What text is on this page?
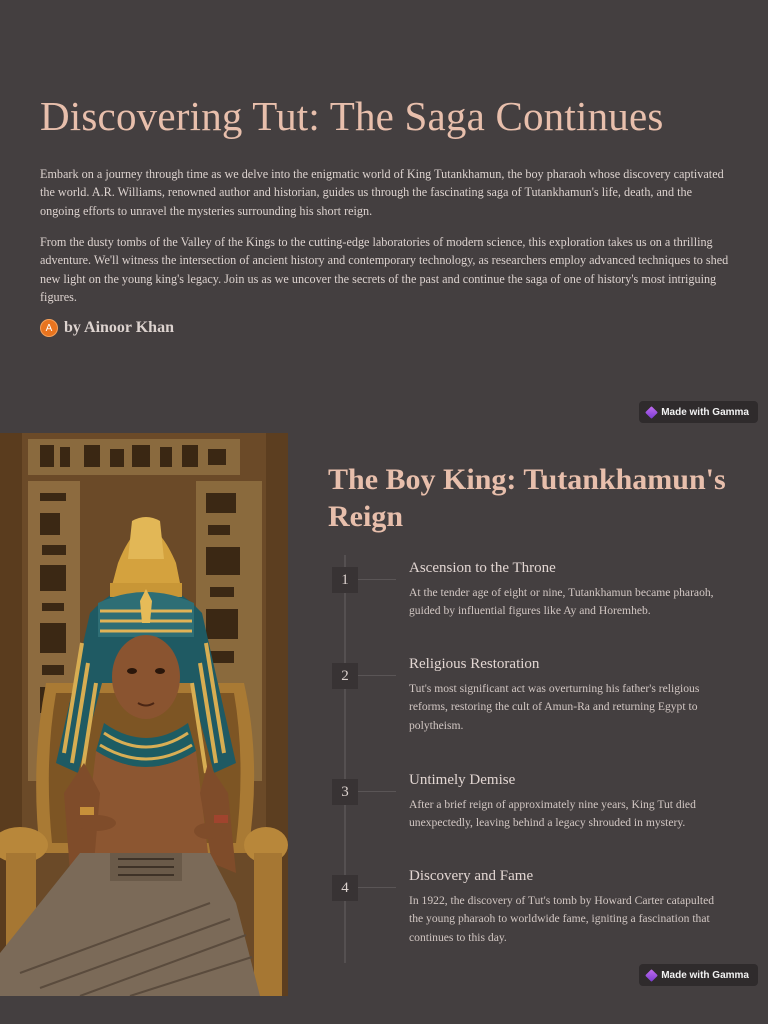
Discovering Tut: The Saga Continues

Embark on a journey through time as we delve into the enigmatic world of King Tutankhamun, the boy pharaoh whose discovery captivated the world. A.R. Williams, renowned author and historian, guides us through the fascinating saga of Tutankhamun's life, death, and the ongoing efforts to unravel the mysteries surrounding his short reign.

From the dusty tombs of the Valley of the Kings to the cutting-edge laboratories of modern science, this exploration takes us on a thrilling adventure. We'll witness the intersection of ancient history and contemporary technology, as researchers employ advanced techniques to shed new light on the young king's legacy. Join us as we uncover the secrets of the past and continue the saga of one of history's most intriguing figures.

A by Ainoor Khan
Made with Gamma
The Boy King: Tutankhamun's Reign
1
Ascension to the Throne
At the tender age of eight or nine, Tutankhamun became pharaoh, guided by influential figures like Ay and Horemheb.
2
Religious Restoration
Tut's most significant act was overturning his father's religious reforms, restoring the cult of Amun-Ra and returning Egypt to polytheism.
3
Untimely Demise
After a brief reign of approximately nine years, King Tut died unexpectedly, leaving behind a legacy shrouded in mystery.
4
Discovery and Fame
In 1922, the discovery of Tut's tomb by Howard Carter catapulted the young pharaoh to worldwide fame, igniting a fascination that continues to this day.
Made with Gamma
